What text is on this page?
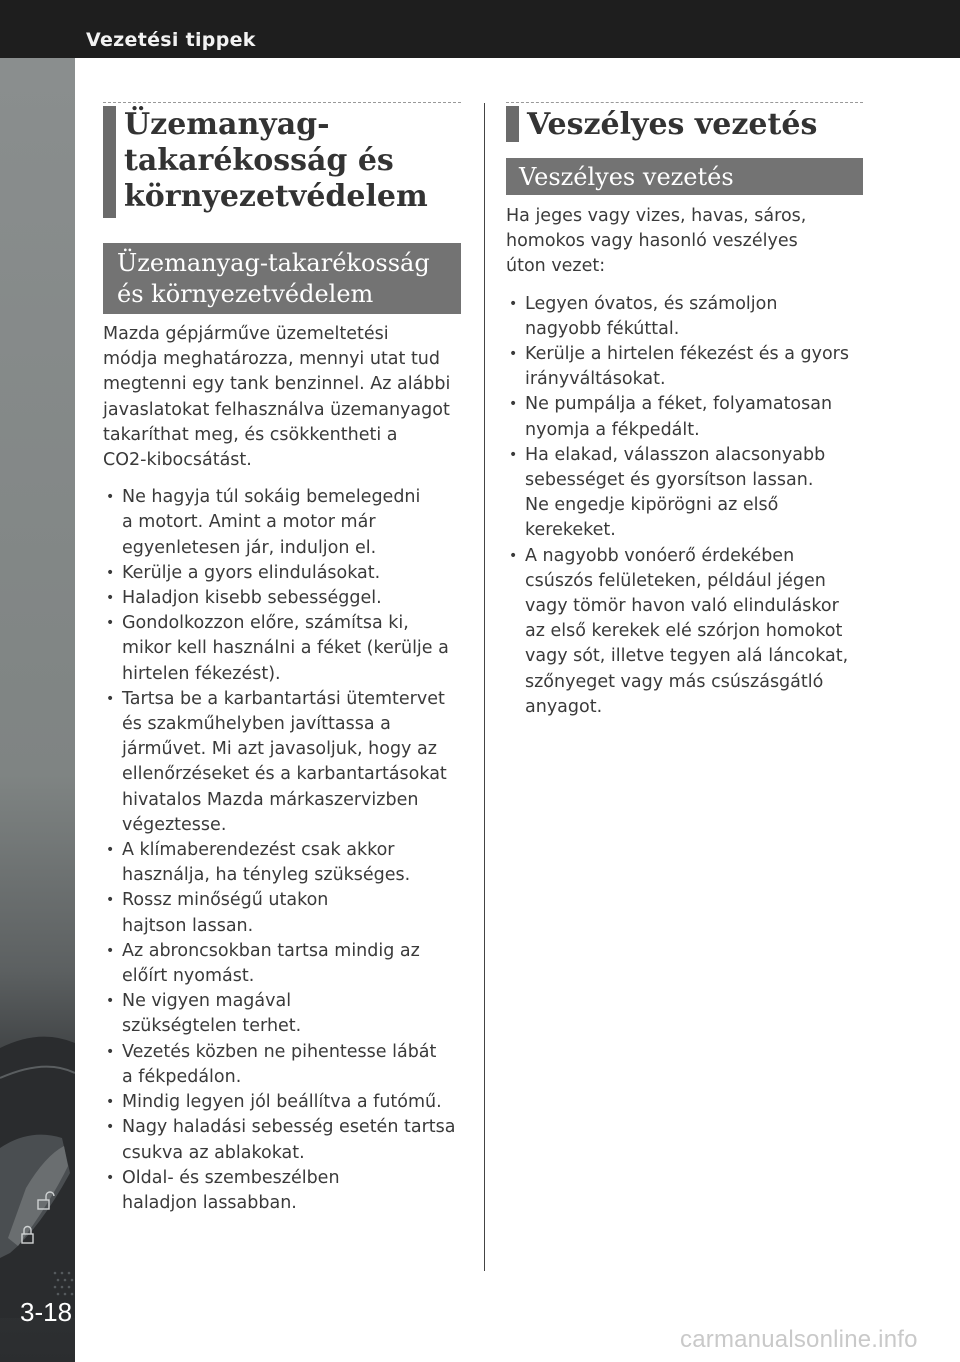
Vezetési tippek
3-18
Üzemanyag-
takarékosság és
környezetvédelem
Üzemanyag-takarékosság
és környezetvédelem
Mazda gépjárműve üzemeltetési
módja meghatározza, mennyi utat tud
megtenni egy tank benzinnel. Az alábbi
javaslatokat felhasználva üzemanyagot
takaríthat meg, és csökkentheti a
CO2-kibocsátást.
• Ne hagyja túl sokáig bemelegedni
a motort. Amint a motor már
egyenletesen jár, induljon el.
• Kerülje a gyors elindulásokat.
• Haladjon kisebb sebességgel.
• Gondolkozzon előre, számítsa ki,
mikor kell használni a féket (kerülje a
hirtelen fékezést).
• Tartsa be a karbantartási ütemtervet
és szakműhelyben javíttassa a
járművet. Mi azt javasoljuk, hogy az
ellenőrzéseket és a karbantartásokat
hivatalos Mazda márkaszervizben
végeztesse.
• A klímaberendezést csak akkor
használja, ha tényleg szükséges.
• Rossz minőségű utakon
hajtson lassan.
• Az abroncsokban tartsa mindig az
előírt nyomást.
• Ne vigyen magával
szükségtelen terhet.
• Vezetés közben ne pihentesse lábát
a fékpedálon.
• Mindig legyen jól beállítva a futómű.
• Nagy haladási sebesség esetén tartsa
csukva az ablakokat.
• Oldal- és szembeszélben
haladjon lassabban.
Veszélyes vezetés
Veszélyes vezetés
Ha jeges vagy vizes, havas, sáros,
homokos vagy hasonló veszélyes
úton vezet:
• Legyen óvatos, és számoljon
nagyobb fékúttal.
• Kerülje a hirtelen fékezést és a gyors
irányváltásokat.
• Ne pumpálja a féket, folyamatosan
nyomja a fékpedált.
• Ha elakad, válasszon alacsonyabb
sebességet és gyorsítson lassan.
Ne engedje kipörögni az első
kerekeket.
• A nagyobb vonóerő érdekében
csúszós felületeken, például jégen
vagy tömör havon való elinduláskor
az első kerekek elé szórjon homokot
vagy sót, illetve tegyen alá láncokat,
szőnyeget vagy más csúszásgátló
anyagot.
carmanualsonline.info
